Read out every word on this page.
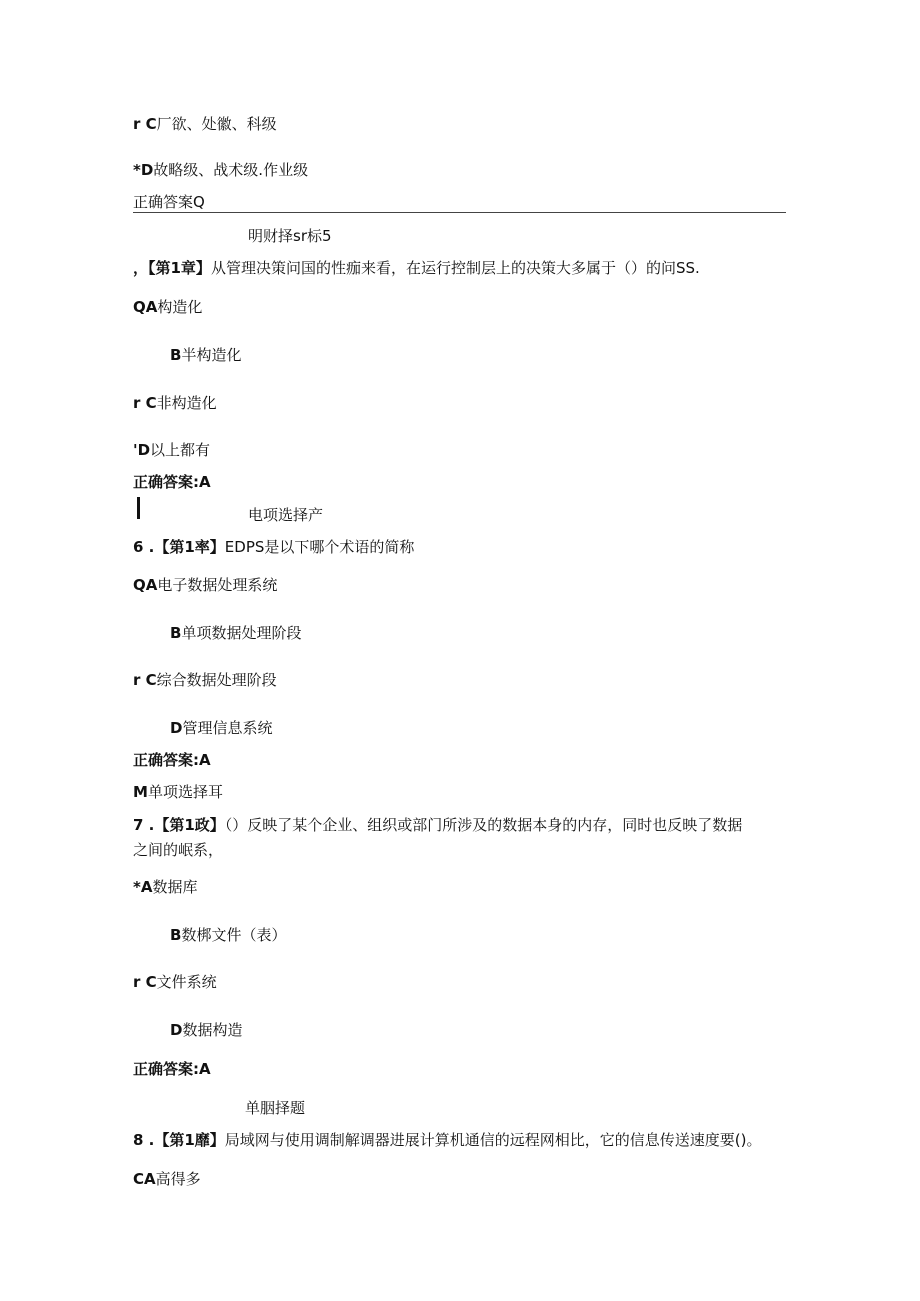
r C厂欲、处徽、科级
*D故略级、战术级.作业级
正确答案Q
明财择sr标5
，【第1章】从管理决策问国的性痂来看，在运行控制层上的决策大多属于（）的问SS.
QA构造化
B半构造化
r C非构造化
'D以上都有
正确答案:A
电项选择产
6 .【第1率】EDPS是以下哪个术语的简称
QA电子数据处理系统
B单项数据处理阶段
r C综合数据处理阶段
D管理信息系统
正确答案:A
M单项选择耳
7 .【第1政】（）反映了某个企业、组织或部门所涉及的数据本身的内存，同时也反映了数据
之间的岷系，
*A数据库
B数梆文件（表）
r C文件系统
D数据构造
正确答案:A
单胭择题
8 .【第1靡】局域网与使用调制解调器进展计算机通信的远程网相比，它的信息传送速度要()。
CA高得多
